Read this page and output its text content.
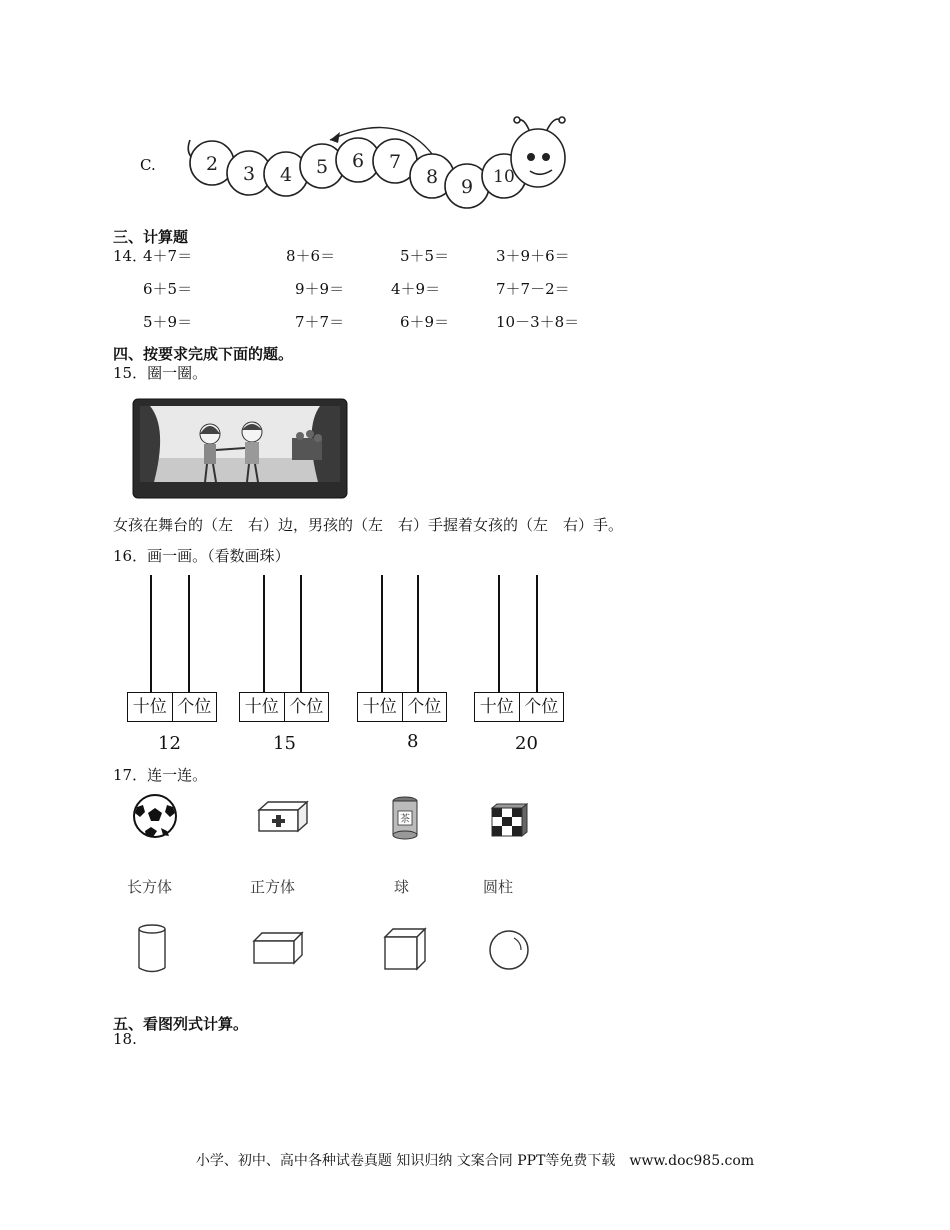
C.	2 3 4 5 6 7
8 9 10
三、计算题
14．
4＋7＝	8＋6＝	5＋5＝	3＋9＋6＝
6＋5＝	9＋9＝	4＋9＝	7＋7－2＝
5＋9＝	7＋7＝	6＋9＝	10－3＋8＝
四、按要求完成下面的题。
15．圈一圈。
女孩在舞台的（左　右）边，男孩的（左　右）手握着女孩的（左　右）手。
16．画一画。（看数画珠）
十位 个位
12
十位 个位
15
十位 个位
8
十位 个位
20
17．连一连。
茶
长方体	正方体	球	圆柱
五、看图列式计算。
18.
小学、初中、高中各种试卷真题 知识归纳 文案合同 PPT等免费下载　www.doc985.com
